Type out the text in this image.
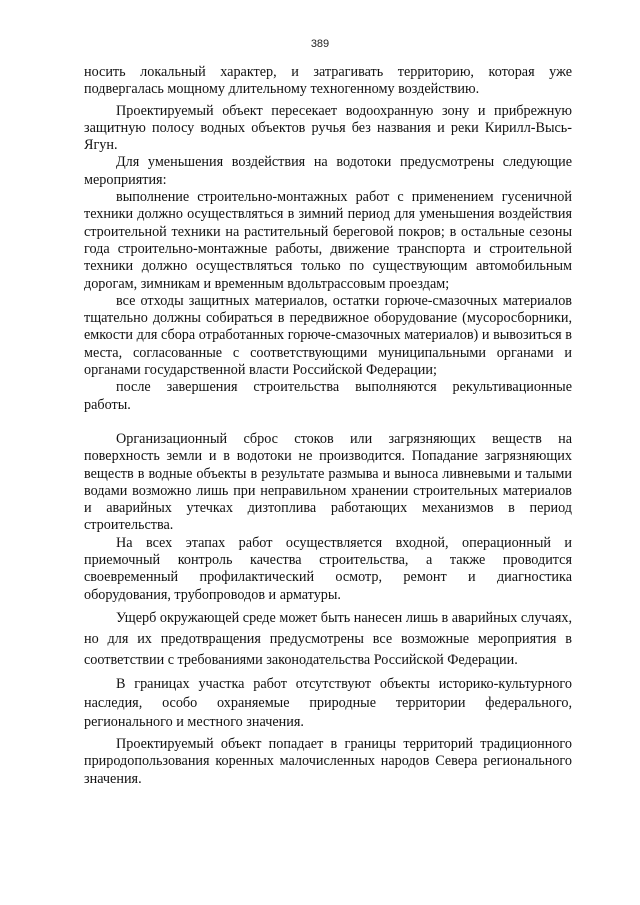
389

носить локальный характер, и затрагивать территорию, которая уже подвергалась мощному длительному техногенному воздействию.

Проектируемый объект пересекает водоохранную зону и прибрежную защитную полосу водных объектов ручья без названия и реки Кирилл-Высь-Ягун.

Для уменьшения воздействия на водотоки предусмотрены следующие мероприятия:

выполнение строительно-монтажных работ с применением гусеничной техники должно осуществляться в зимний период для уменьшения воздействия строительной техники на растительный береговой покров; в остальные сезоны года строительно-монтажные работы, движение транспорта и строительной техники должно осуществляться только по существующим автомобильным дорогам, зимникам и временным вдольтрассовым проездам;

все отходы защитных материалов, остатки горюче-смазочных материалов тщательно должны собираться в передвижное оборудование (мусоросборники, емкости для сбора отработанных горюче-смазочных материалов) и вывозиться в места, согласованные с соответствующими муниципальными органами и органами государственной власти Российской Федерации;

после завершения строительства выполняются рекультивационные работы.

Организационный сброс стоков или загрязняющих веществ на поверхность земли и в водотоки не производится. Попадание загрязняющих веществ в водные объекты в результате размыва и выноса ливневыми и талыми водами возможно лишь при неправильном хранении строительных материалов и аварийных утечках дизтоплива работающих механизмов в период строительства.

На всех этапах работ осуществляется входной, операционный и приемочный контроль качества строительства, а также проводится своевременный профилактический осмотр, ремонт и диагностика оборудования, трубопроводов и арматуры.

Ущерб окружающей среде может быть нанесен лишь в аварийных случаях, но для их предотвращения предусмотрены все возможные мероприятия в соответствии с требованиями законодательства Российской Федерации.

В границах участка работ отсутствуют объекты историко-культурного наследия, особо охраняемые природные территории федерального, регионального и местного значения.

Проектируемый объект попадает в границы территорий традиционного природопользования коренных малочисленных народов Севера регионального значения.
